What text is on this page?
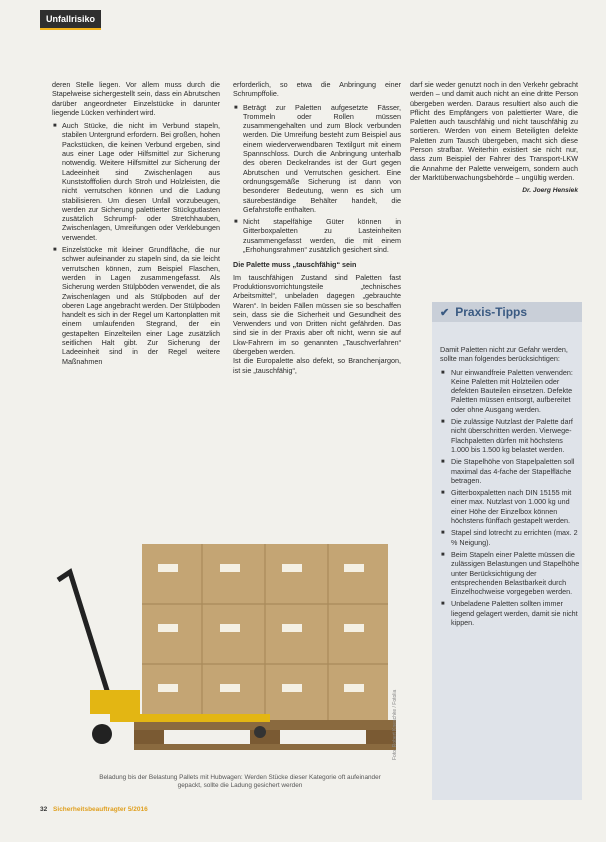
Unfallrisiko

deren Stelle liegen. Vor allem muss durch die Stapelweise sichergestellt sein, dass ein Abrutschen darüber angeordneter Einzelstücke in darunter liegende Lücken verhindert wird.

■ Auch Stücke, die nicht im Verbund stapeln, stabilen Untergrund erfordern. Bei großen, hohen Packstücken, die keinen Verbund ergeben, sind aus einer Lage oder Hilfsmittel zur Sicherung notwendig. Weitere Hilfsmittel zur Sicherung der Ladeeinheit sind Zwischenlagen aus Kunststofffolien durch Stroh und Holzleisten, die nicht verrutschen können und die Ladung stabilisieren. Um diesen Unfall vorzubeugen, werden zur Sicherung palettierter Stückgutlasten zusätzlich Schrumpf- oder Stretchhauben, Zwischenlagen, Umreifungen oder Verklebungen verwendet.
■ Einzelstücke mit kleiner Grundfläche, die nur schwer aufeinander zu stapeln sind, da sie leicht verrutschen können, zum Beispiel Flaschen, werden in Lagen zusammengefasst. Als Sicherung werden Stülpböden verwendet, die als Zwischenlagen und als Stülpboden auf der oberen Lage angebracht werden. Der Stülpboden handelt es sich in der Regel um Kartonplatten mit einem umlaufenden Stegrand, der ein gestapelten Einzelteilen einer Lage zusätzlich seitlichen Halt gibt. Zur Sicherung der Ladeeinheit sind in der Regel weitere Maßnahmen

erforderlich, so etwa die Anbringung einer Schrumpffolie.

■ Beträgt zur Paletten aufgesetzte Fässer, Trommeln oder Rollen müssen zusammengehalten und zum Block verbunden werden. Die Umreifung besteht zum Beispiel aus einem wiederverwendbaren Textilgurt mit einem Spannschloss. Durch die Anbringung unterhalb des oberen Deckelrandes ist der Gurt gegen Abrutschen und Verrutschen gesichert. Eine ordnungsgemäße Sicherung ist dann von besonderer Bedeutung, wenn es sich um säurebeständige Behälter handelt, die Gefahrstoffe enthalten.
■ Nicht stapelfähige Güter können in Gitterboxpaletten zu Lasteinheiten zusammengefasst werden, die mit einem „Erhohungsrahmen“ zusätzlich gesichert sind.
Die Palette muss „tauschfähig“ sein

Im tauschfähigen Zustand sind Paletten fast Produktionsvorrichtungsteile „technisches Arbeitsmittel“, unbeladen dagegen „gebrauchte Waren“. In beiden Fällen müssen sie so beschaffen sein, dass sie die Sicherheit und Gesundheit des Verwenders und von Dritten nicht gefährden. Das sind sie in der Praxis aber oft nicht, wenn sie auf Lkw-Fahrern im so genannten „Tauschverfahren“ übergeben werden.
Ist die Europalette also defekt, so Branchenjargon, ist sie „tauschfähig“,

darf sie weder genutzt noch in den Verkehr gebracht werden – und damit auch nicht an eine dritte Person übergeben werden. Daraus resultiert also auch die Pflicht des Empfängers von palettierter Ware, die Paletten auch tauschfähig und nicht tauschfähig zu sortieren. Werden von einem Beteiligten defekte Paletten zum Tausch übergeben, macht sich diese Person strafbar. Weiterhin existiert sie nicht nur, dass zum Beispiel der Fahrer des Transport-LKW die Annahme der Palette verweigern, sondern auch der Marktüberwachungsbehörde – ungültig werden.

Dr. Joerg Hensiek
✔ Praxis-Tipps

Damit Paletten nicht zur Gefahr werden, sollte man folgendes berücksichtigen:

■ Nur einwandfreie Paletten verwenden: Keine Paletten mit Holzteilen oder defekten Bauteilen einsetzen. Defekte Paletten müssen entsorgt, aufbereitet oder ohne Ausgang werden.
■ Die zulässige Nutzlast der Palette darf nicht überschritten werden. Vierwege-Flachpaletten dürfen mit höchstens 1.000 bis 1.500 kg belastet werden.
■ Die Stapelhöhe von Stapelpaletten soll maximal das 4-fache der Stapelfläche betragen.
■ Gitterboxpaletten nach DIN 15155 mit einer max. Nutzlast von 1.000 kg und einer Höhe der Einzelbox können höchstens fünffach gestapelt werden.
■ Stapel sind lotrecht zu errichten (max. 2 % Neigung).
■ Beim Stapeln einer Palette müssen die zulässigen Belastungen und Stapelhöhe unter Berücksichtigung der entsprechenden Belastbarkeit durch Einzelhochweise vorgegeben werden.
■ Unbeladene Paletten sollten immer liegend gelagert werden, damit sie nicht kippen.
Foto: Robert Kneschke / Fotolia
Beladung bis der Belastung Pallets mit Hubwagen: Werden Stücke dieser Kategorie oft aufeinander gepackt, sollte die Ladung gesichert werden
32 Sicherheitsbeauftragter 5/2016
